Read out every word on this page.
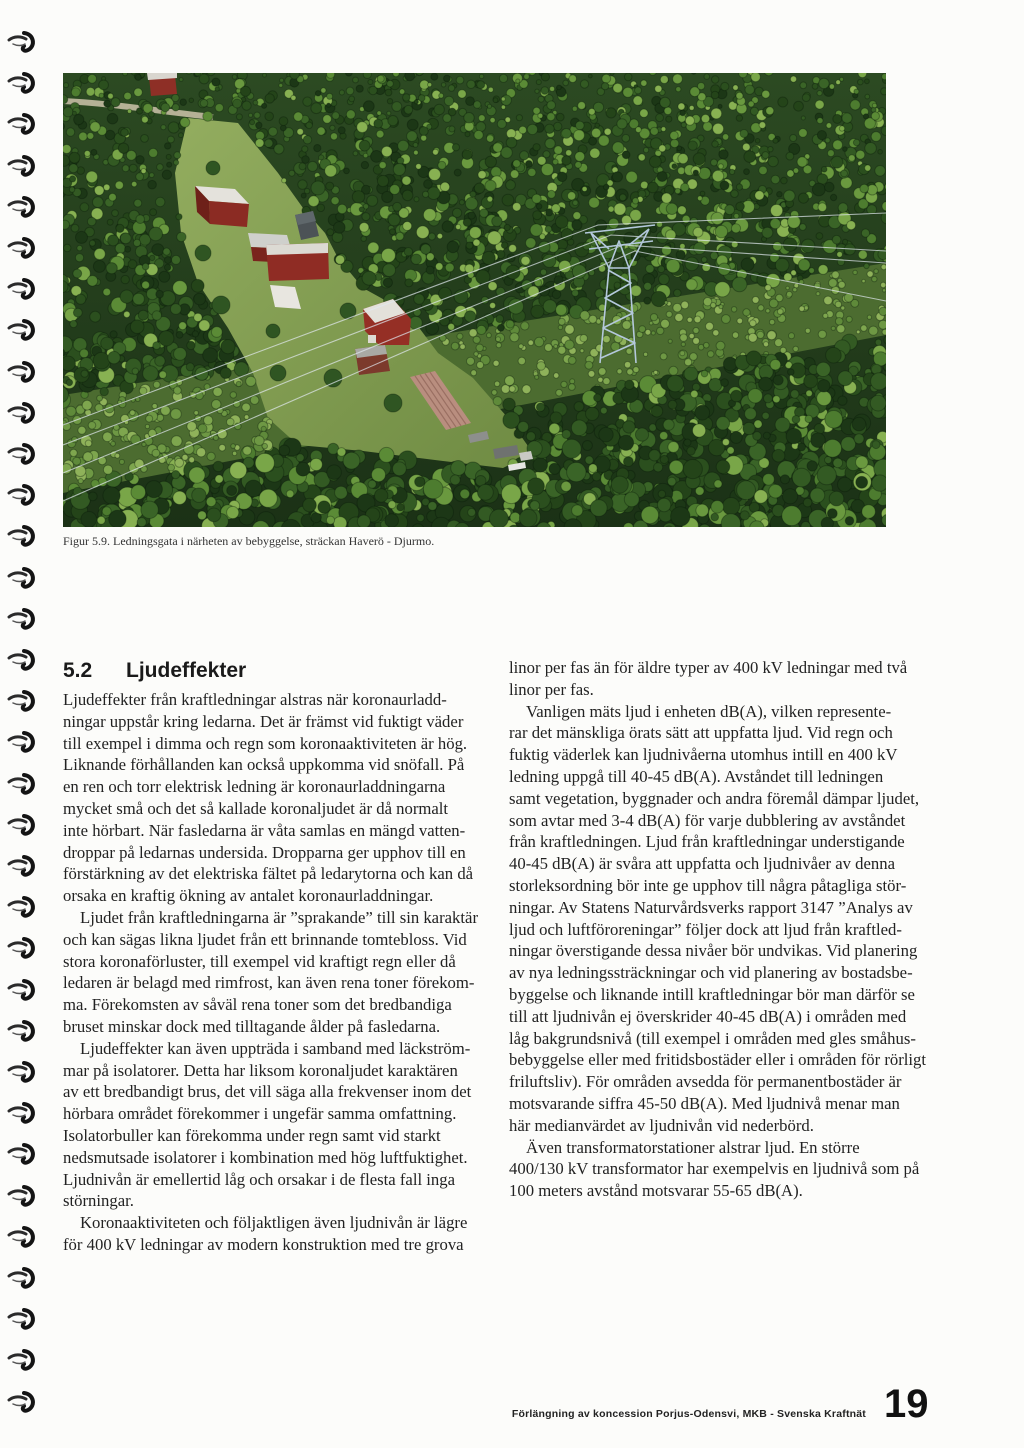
Figur 5.9. Ledningsgata i närheten av bebyggelse, sträckan Haverö - Djurmo.
5.2 Ljudeffekter
Ljudeffekter från kraftledningar alstras när koronaurladd-
ningar uppstår kring ledarna. Det är främst vid fuktigt väder
till exempel i dimma och regn som koronaaktiviteten är hög.
Liknande förhållanden kan också uppkomma vid snöfall. På
en ren och torr elektrisk ledning är koronaurladdningarna
mycket små och det så kallade koronaljudet är då normalt
inte hörbart. När fasledarna är våta samlas en mängd vatten-
droppar på ledarnas undersida. Dropparna ger upphov till en
förstärkning av det elektriska fältet på ledarytorna och kan då
orsaka en kraftig ökning av antalet koronaurladdningar.
Ljudet från kraftledningarna är ”sprakande” till sin karaktär
och kan sägas likna ljudet från ett brinnande tomtebloss. Vid
stora koronaförluster, till exempel vid kraftigt regn eller då
ledaren är belagd med rimfrost, kan även rena toner förekom-
ma. Förekomsten av såväl rena toner som det bredbandiga
bruset minskar dock med tilltagande ålder på fasledarna.
Ljudeffekter kan även uppträda i samband med läckström-
mar på isolatorer. Detta har liksom koronaljudet karaktären
av ett bredbandigt brus, det vill säga alla frekvenser inom det
hörbara området förekommer i ungefär samma omfattning.
Isolatorbuller kan förekomma under regn samt vid starkt
nedsmutsade isolatorer i kombination med hög luftfuktighet.
Ljudnivån är emellertid låg och orsakar i de flesta fall inga
störningar.
Koronaaktiviteten och följaktligen även ljudnivån är lägre
för 400 kV ledningar av modern konstruktion med tre grova
linor per fas än för äldre typer av 400 kV ledningar med två
linor per fas.
Vanligen mäts ljud i enheten dB(A), vilken represente-
rar det mänskliga örats sätt att uppfatta ljud. Vid regn och
fuktig väderlek kan ljudnivåerna utomhus intill en 400 kV
ledning uppgå till 40-45 dB(A). Avståndet till ledningen
samt vegetation, byggnader och andra föremål dämpar ljudet,
som avtar med 3-4 dB(A) för varje dubblering av avståndet
från kraftledningen. Ljud från kraftledningar understigande
40-45 dB(A) är svåra att uppfatta och ljudnivåer av denna
storleksordning bör inte ge upphov till några påtagliga stör-
ningar. Av Statens Naturvårdsverks rapport 3147 ”Analys av
ljud och luftföroreningar” följer dock att ljud från kraftled-
ningar överstigande dessa nivåer bör undvikas. Vid planering
av nya ledningssträckningar och vid planering av bostadsbe-
byggelse och liknande intill kraftledningar bör man därför se
till att ljudnivån ej överskrider 40-45 dB(A) i områden med
låg bakgrundsnivå (till exempel i områden med gles småhus-
bebyggelse eller med fritidsbostäder eller i områden för rörligt
friluftsliv). För områden avsedda för permanentbostäder är
motsvarande siffra 45-50 dB(A). Med ljudnivå menar man
här medianvärdet av ljudnivån vid nederbörd.
Även transformatorstationer alstrar ljud. En större
400/130 kV transformator har exempelvis en ljudnivå som på
100 meters avstånd motsvarar 55-65 dB(A).
Förlängning av koncession Porjus-Odensvi, MKB - Svenska Kraftnät 19
